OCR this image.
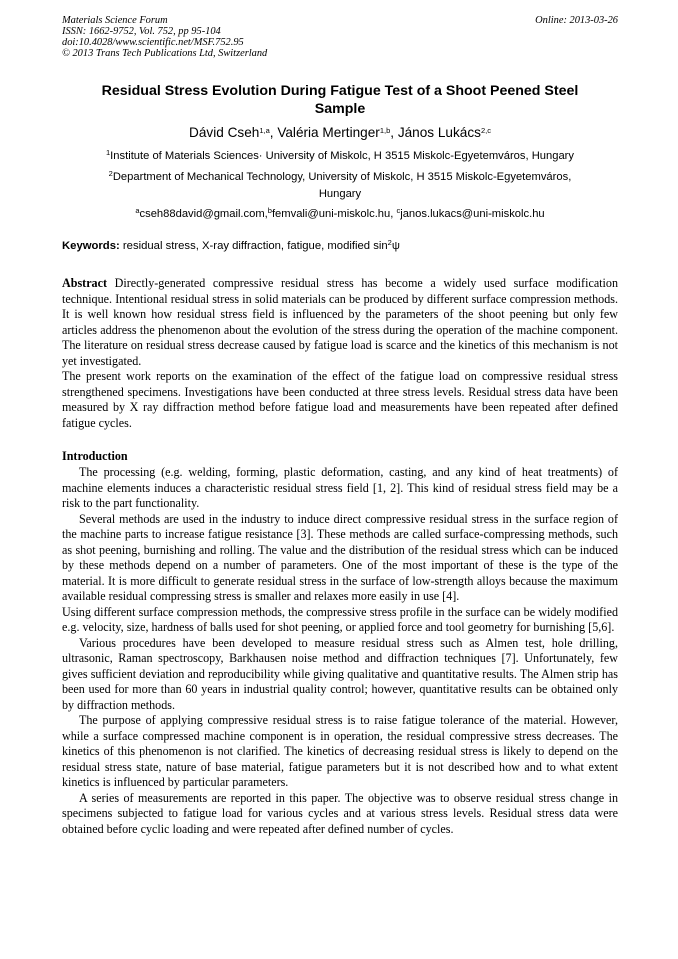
Materials Science Forum
ISSN: 1662-9752, Vol. 752, pp 95-104
doi:10.4028/www.scientific.net/MSF.752.95
© 2013 Trans Tech Publications Ltd, Switzerland
Online: 2013-03-26
Residual Stress Evolution During Fatigue Test of a Shoot Peened Steel
Sample
Dávid Cseh$^{1,a}$, Valéria Mertinger$^{1,b}$, János Lukács$^{2,c}$
$^1$Institute of Materials Sciences· University of Miskolc, H 3515 Miskolc-Egyetemváros, Hungary
$^2$Department of Mechanical Technology, University of Miskolc, H 3515 Miskolc-Egyetemváros,
Hungary
$^a$cseh88david@gmail.com,$^b$femvali@uni-miskolc.hu, $^c$janos.lukacs@uni-miskolc.hu
Keywords: residual stress, X-ray diffraction, fatigue, modified $\sin^2\psi$

Abstract Directly-generated compressive residual stress has become a widely used surface modification technique. Intentional residual stress in solid materials can be produced by different surface compression methods. It is well known how residual stress field is influenced by the parameters of the shoot peening but only few articles address the phenomenon about the evolution of the stress during the operation of the machine component. The literature on residual stress decrease caused by fatigue load is scarce and the kinetics of this mechanism is not yet investigated.

The present work reports on the examination of the effect of the fatigue load on compressive residual stress strengthened specimens. Investigations have been conducted at three stress levels. Residual stress data have been measured by X ray diffraction method before fatigue load and measurements have been repeated after defined fatigue cycles.

Introduction

The processing (e.g. welding, forming, plastic deformation, casting, and any kind of heat treatments) of machine elements induces a characteristic residual stress field [1, 2]. This kind of residual stress field may be a risk to the part functionality.

Several methods are used in the industry to induce direct compressive residual stress in the surface region of the machine parts to increase fatigue resistance [3]. These methods are called surface-compressing methods, such as shot peening, burnishing and rolling. The value and the distribution of the residual stress which can be induced by these methods depend on a number of parameters. One of the most important of these is the type of the material. It is more difficult to generate residual stress in the surface of low-strength alloys because the maximum available residual compressing stress is smaller and relaxes more easily in use [4].

Using different surface compression methods, the compressive stress profile in the surface can be widely modified e.g. velocity, size, hardness of balls used for shot peening, or applied force and tool geometry for burnishing [5,6].

Various procedures have been developed to measure residual stress such as Almen test, hole drilling, ultrasonic, Raman spectroscopy, Barkhausen noise method and diffraction techniques [7]. Unfortunately, few gives sufficient deviation and reproducibility while giving qualitative and quantitative results. The Almen strip has been used for more than 60 years in industrial quality control; however, quantitative results can be obtained only by diffraction methods.

The purpose of applying compressive residual stress is to raise fatigue tolerance of the material. However, while a surface compressed machine component is in operation, the residual compressive stress decreases. The kinetics of this phenomenon is not clarified. The kinetics of decreasing residual stress is likely to depend on the residual stress state, nature of base material, fatigue parameters but it is not described how and to what extent kinetics is influenced by particular parameters.

A series of measurements are reported in this paper. The objective was to observe residual stress change in specimens subjected to fatigue load for various cycles and at various stress levels. Residual stress data were obtained before cyclic loading and were repeated after defined number of cycles.
